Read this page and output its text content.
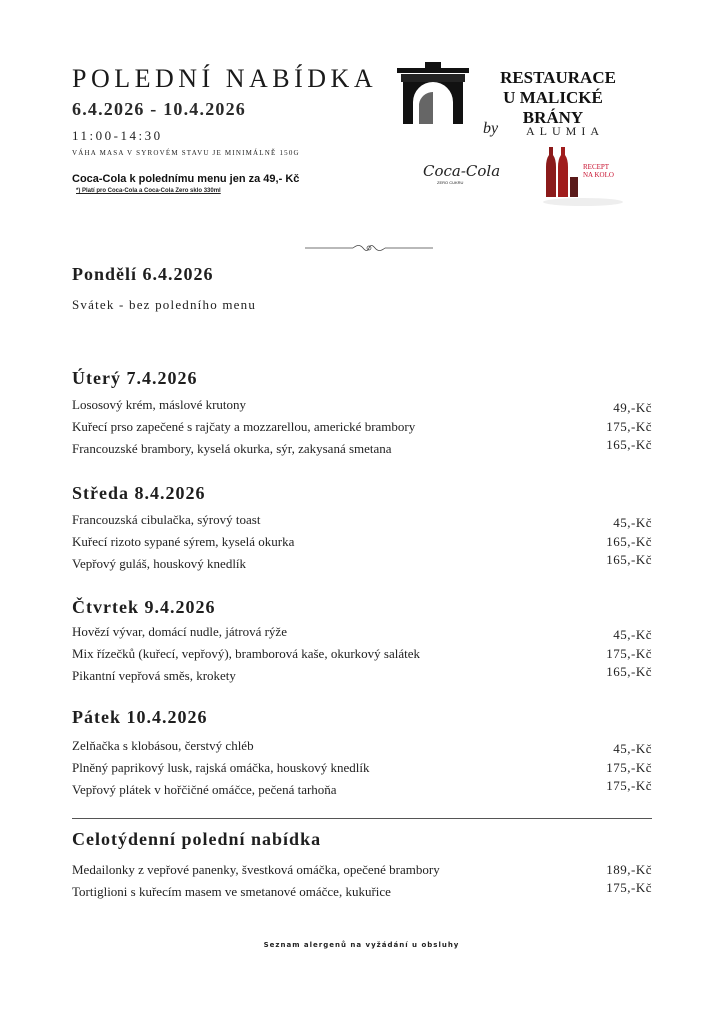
POLEDNÍ NABÍDKA
6.4.2026 - 10.4.2026
11:00-14:30
VÁHA MASA V SYROVÉM STAVU JE MINIMÁLNĚ 150G
Coca-Cola k polednímu menu jen za 49,- Kč
*) Platí pro Coca-Cola a Coca-Cola Zero sklo 330ml
RESTAURACE
U MALICKÉ BRÁNY
by ALUMIA
Coca-Cola
ZERO CUKRU
RECEPT
NA KOLO
Pondělí 6.4.2026
Svátek - bez poledního menu
Úterý 7.4.2026
Lososový krém, máslové krutony	49,-Kč
Kuřecí prso zapečené s rajčaty a mozzarellou, americké brambory	175,-Kč
Francouzské brambory, kyselá okurka, sýr, zakysaná smetana	165,-Kč
Středa 8.4.2026
Francouzská cibulačka, sýrový toast	45,-Kč
Kuřecí rizoto sypané sýrem, kyselá okurka	165,-Kč
Vepřový guláš, houskový knedlík	165,-Kč
Čtvrtek 9.4.2026
Hovězí vývar, domácí nudle, játrová rýže	45,-Kč
Mix řízečků (kuřecí, vepřový), bramborová kaše, okurkový salátek	175,-Kč
Pikantní vepřová směs, krokety	165,-Kč
Pátek 10.4.2026
Zelňačka s klobásou, čerstvý chléb	45,-Kč
Plněný paprikový lusk, rajská omáčka, houskový knedlík	175,-Kč
Vepřový plátek v hořčičné omáčce, pečená tarhoňa	175,-Kč
Celotýdenní polední nabídka
Medailonky z vepřové panenky, švestková omáčka, opečené brambory	189,-Kč
Tortiglioni s kuřecím masem ve smetanové omáčce, kukuřice	175,-Kč
Seznam alergenů na vyžádání u obsluhy
